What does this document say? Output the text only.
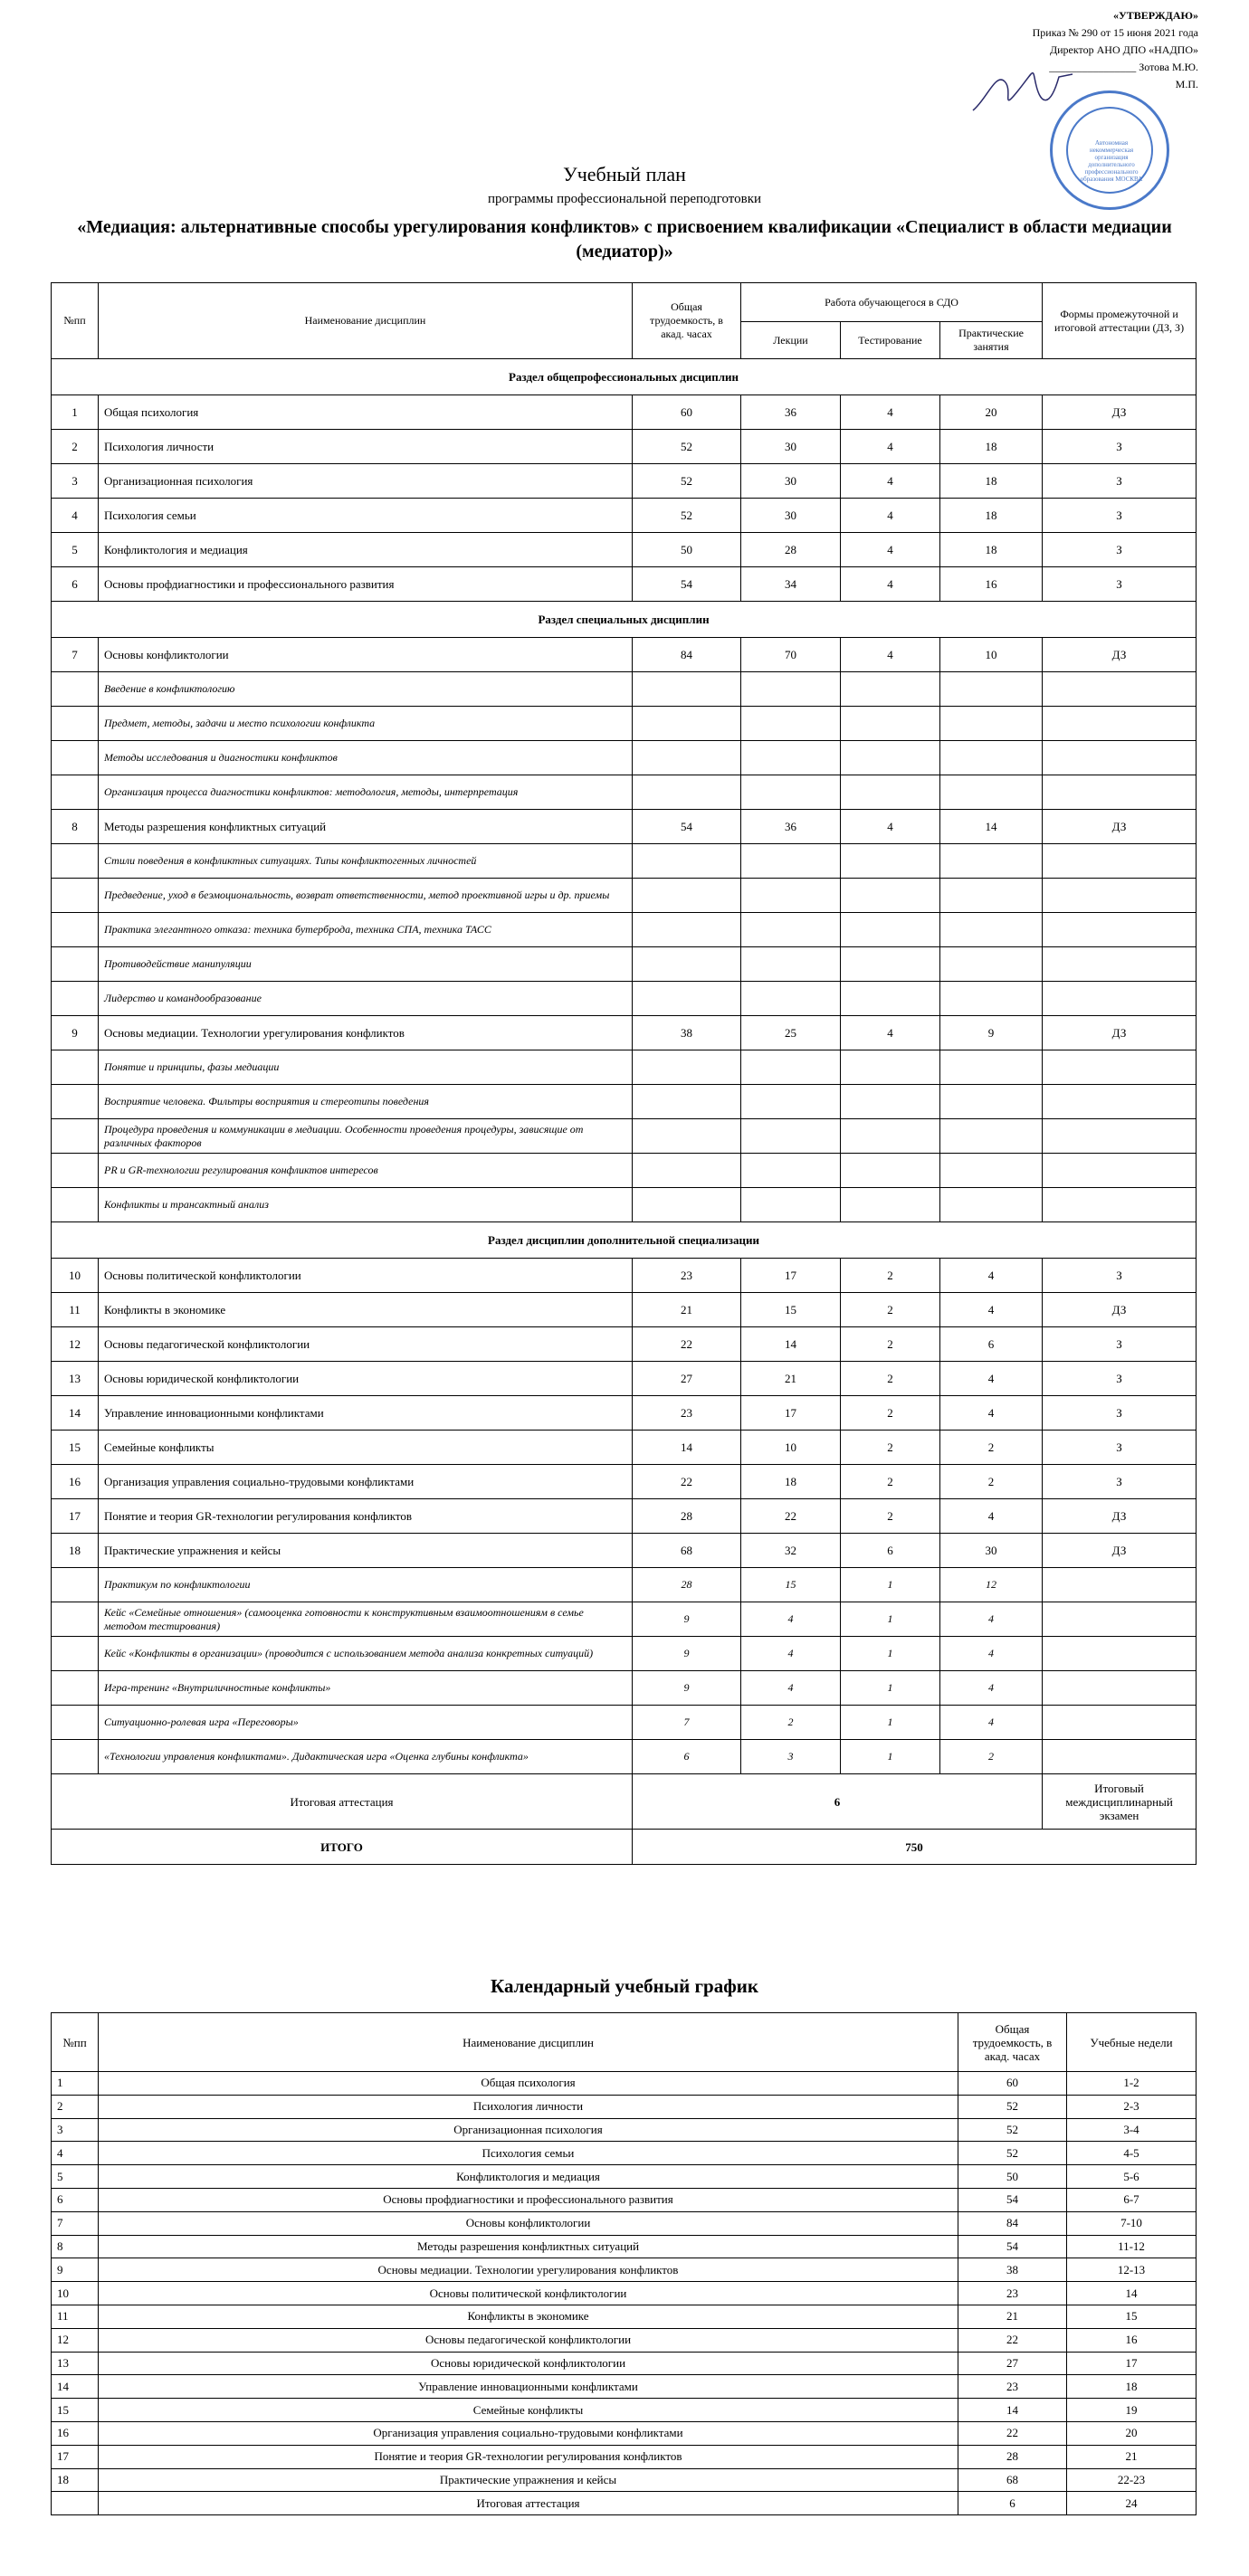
«УТВЕРЖДАЮ»
Приказ № 290 от 15 июня 2021 года
Директор АНО ДПО «НАДПО»
________________ Зотова М.Ю.
М.П.
Автономная некоммерческая организация дополнительного профессионального образования МОСКВА
Учебный план
программы профессиональной переподготовки
«Медиация: альтернативные способы урегулирования конфликтов» с присвоением квалификации «Специалист в области медиации (медиатор)»
№пп	Наименование дисциплин	Общая трудоемкость, в акад. часах	Работа обучающегося в СДО			Формы промежуточной и итоговой аттестации (ДЗ, З)
			Лекции	Тестирование	Практические занятия	
Раздел общепрофессиональных дисциплин						
1	Общая психология	60	36	4	20	ДЗ
2	Психология личности	52	30	4	18	З
3	Организационная психология	52	30	4	18	З
4	Психология семьи	52	30	4	18	З
5	Конфликтология и медиация	50	28	4	18	З
6	Основы профдиагностики и профессионального развития	54	34	4	16	З
Раздел специальных дисциплин						
7	Основы конфликтологии	84	70	4	10	ДЗ
	Введение в конфликтологию					
	Предмет, методы, задачи и место психологии конфликта					
	Методы исследования и диагностики конфликтов					
	Организация процесса диагностики конфликтов: методология, методы, интерпретация					
8	Методы разрешения конфликтных ситуаций	54	36	4	14	ДЗ
	Стили поведения в конфликтных ситуациях. Типы конфликтогенных личностей					
	Предведение, уход в беэмоциональность, возврат ответственности, метод проективной игры и др. приемы					
	Практика элегантного отказа: техника бутерброда, техника СПА, техника ТАСС					
	Противодействие манипуляции					
	Лидерство и командообразование					
9	Основы медиации. Технологии урегулирования конфликтов	38	25	4	9	ДЗ
	Понятие и принципы, фазы медиации					
	Восприятие человека. Фильтры восприятия и стереотипы поведения					
	Процедура проведения и коммуникации в медиации. Особенности проведения процедуры, зависящие от различных факторов					
	PR и GR-технологии регулирования конфликтов интересов					
	Конфликты и трансактный анализ					
Раздел дисциплин дополнительной специализации						
10	Основы политической конфликтологии	23	17	2	4	З
11	Конфликты в экономике	21	15	2	4	ДЗ
12	Основы педагогической конфликтологии	22	14	2	6	З
13	Основы юридической конфликтологии	27	21	2	4	З
14	Управление инновационными конфликтами	23	17	2	4	З
15	Семейные конфликты	14	10	2	2	З
16	Организация управления социально-трудовыми конфликтами	22	18	2	2	З
17	Понятие и теория GR-технологии регулирования конфликтов	28	22	2	4	ДЗ
18	Практические упражнения и кейсы	68	32	6	30	ДЗ
	Практикум по конфликтологии	28	15	1	12	
	Кейс «Семейные отношения» (самооценка готовности к конструктивным взаимоотношениям в семье методом тестирования)	9	4	1	4	
	Кейс «Конфликты в организации» (проводится с использованием метода анализа конкретных ситуаций)	9	4	1	4	
	Игра-тренинг «Внутриличностные конфликты»	9	4	1	4	
	Ситуационно-ролевая игра «Переговоры»	7	2	1	4	
	«Технологии управления конфликтами». Дидактическая игра «Оценка глубины конфликта»	6	3	1	2	
Итоговая аттестация		6				Итоговый междисциплинарный экзамен
ИТОГО		750				
Календарный учебный график
№пп	Наименование дисциплин	Общая трудоемкость, в акад. часах	Учебные недели
1	Общая психология	60	1-2
2	Психология личности	52	2-3
3	Организационная психология	52	3-4
4	Психология семьи	52	4-5
5	Конфликтология и медиация	50	5-6
6	Основы профдиагностики и профессионального развития	54	6-7
7	Основы конфликтологии	84	7-10
8	Методы разрешения конфликтных ситуаций	54	11-12
9	Основы медиации. Технологии урегулирования конфликтов	38	12-13
10	Основы политической конфликтологии	23	14
11	Конфликты в экономике	21	15
12	Основы педагогической конфликтологии	22	16
13	Основы юридической конфликтологии	27	17
14	Управление инновационными конфликтами	23	18
15	Семейные конфликты	14	19
16	Организация управления социально-трудовыми конфликтами	22	20
17	Понятие и теория GR-технологии регулирования конфликтов	28	21
18	Практические упражнения и кейсы	68	22-23
	Итоговая аттестация	6	24
